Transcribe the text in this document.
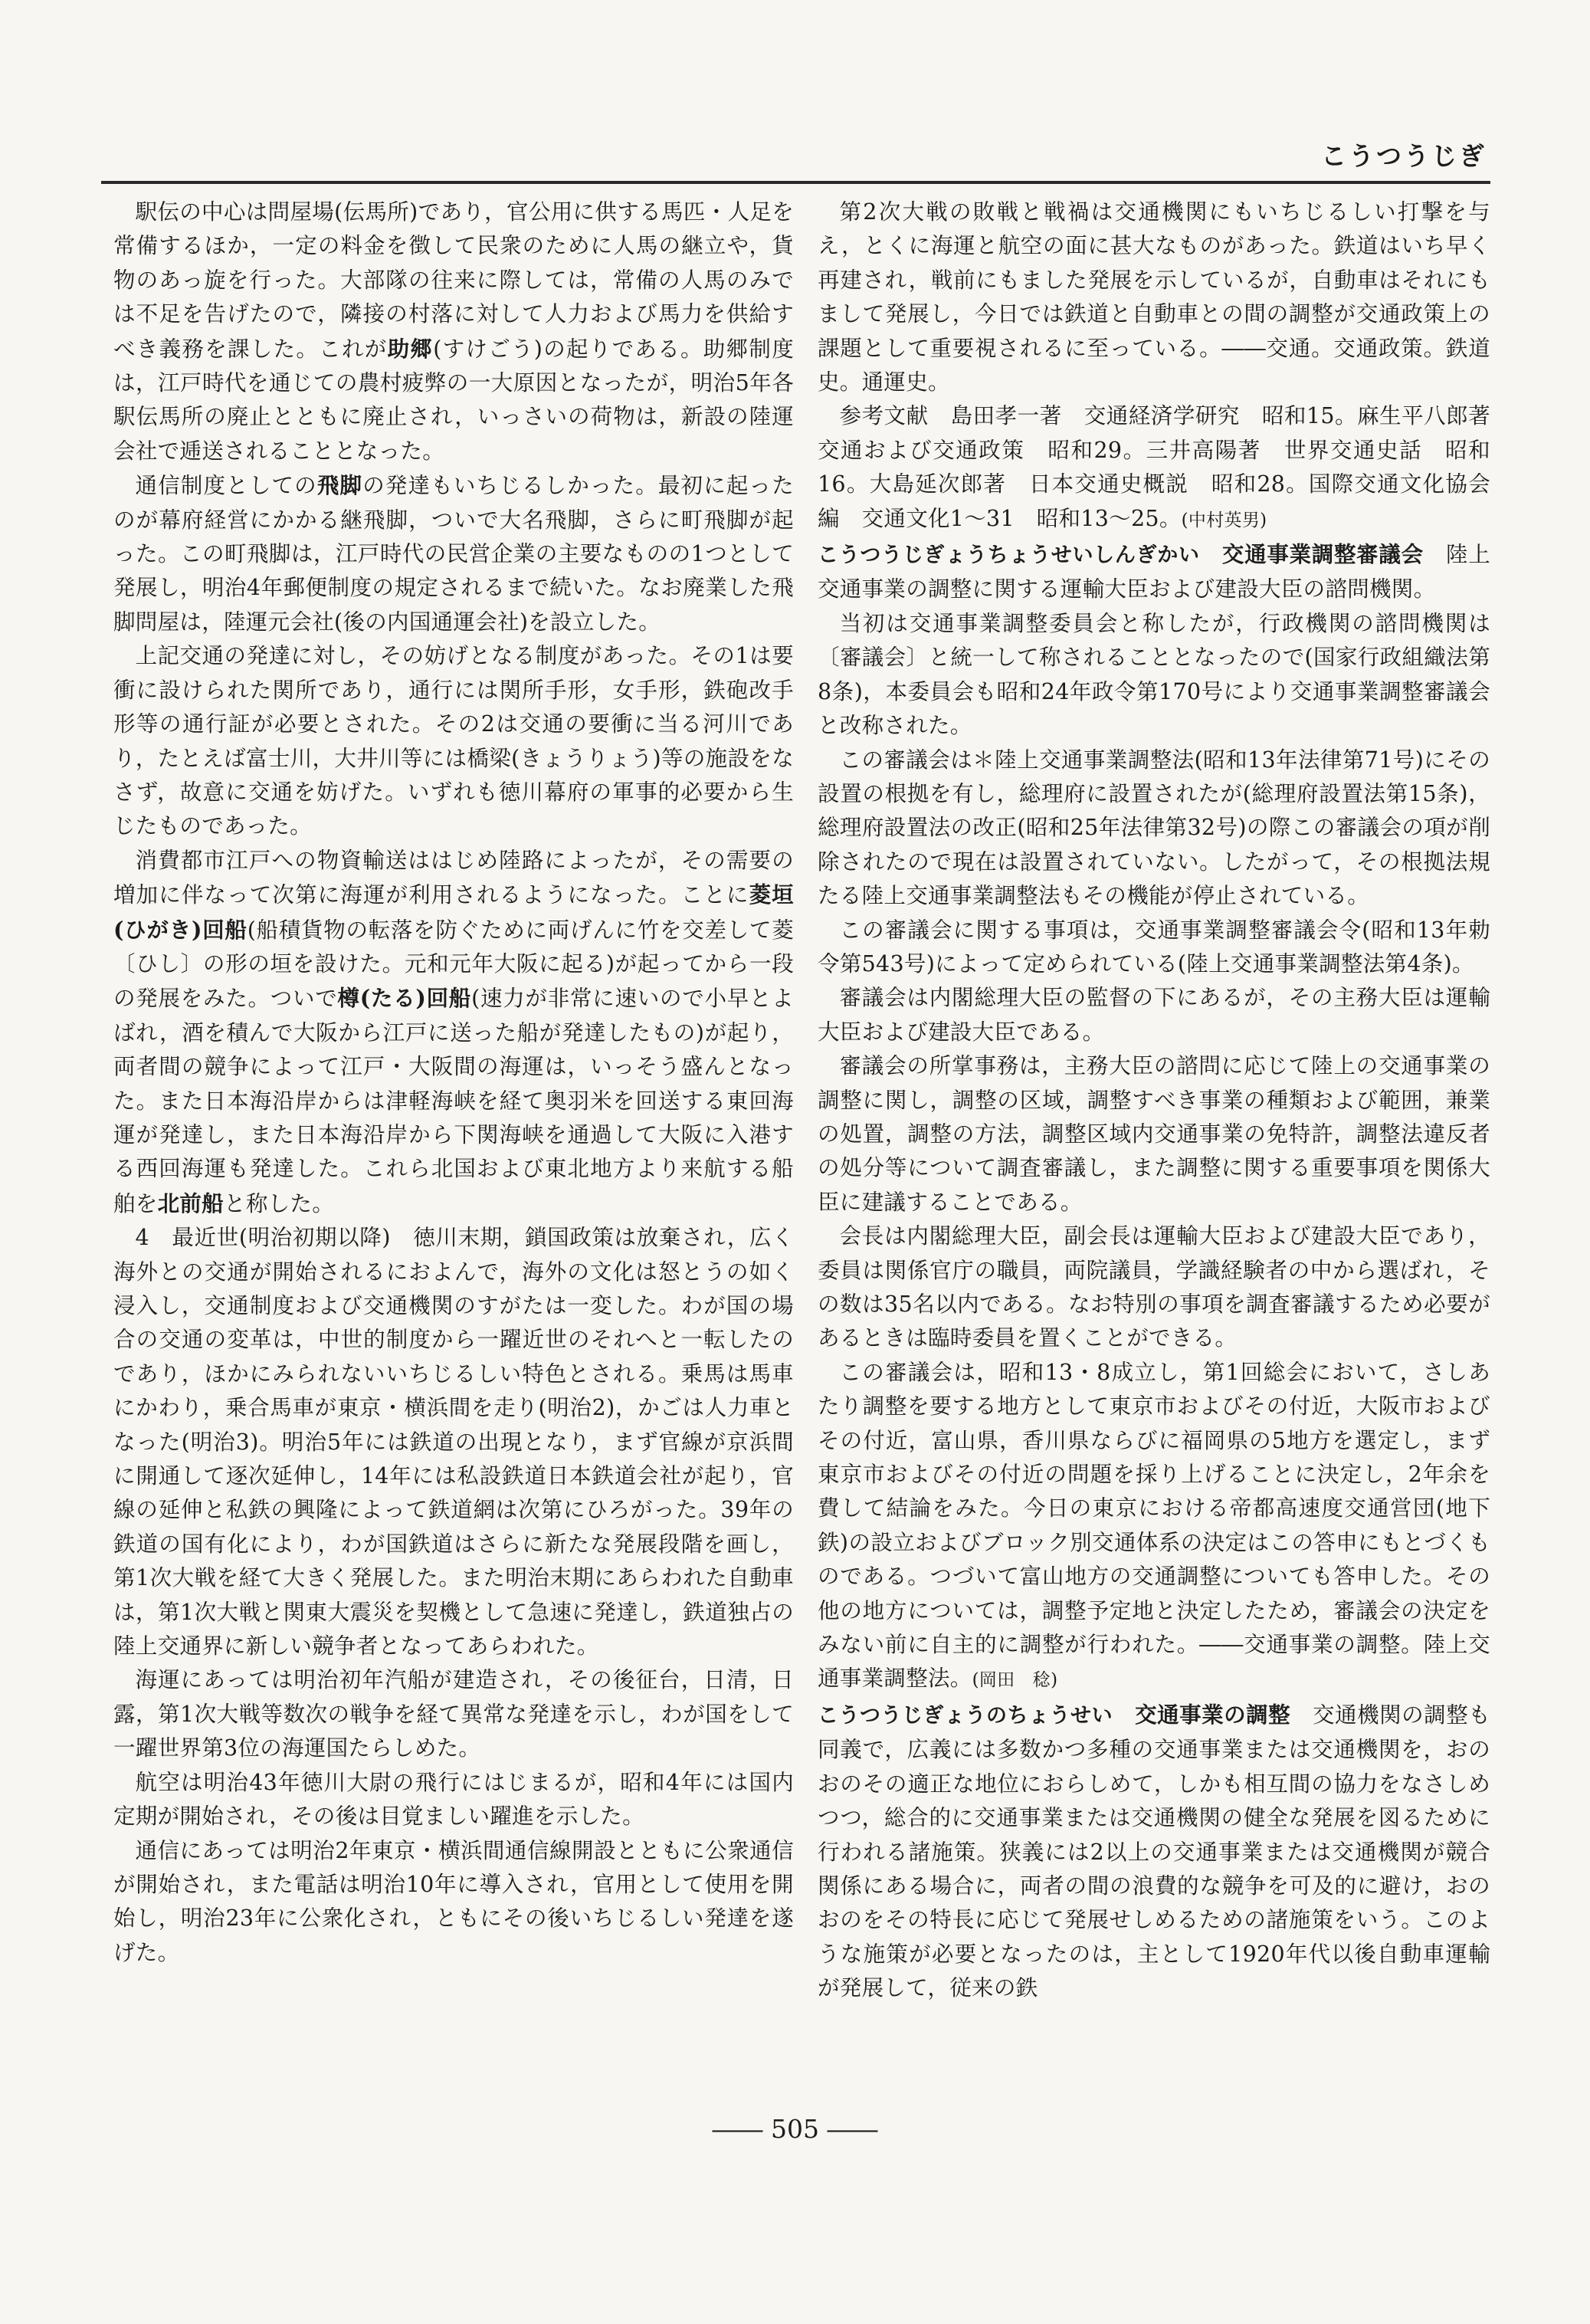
こうつうじぎ

駅伝の中心は問屋場(伝馬所)であり，官公用に供する馬匹・人足を常備するほか，一定の料金を徴して民衆のために人馬の継立や，貨物のあっ旋を行った。大部隊の往来に際しては，常備の人馬のみでは不足を告げたので，隣接の村落に対して人力および馬力を供給すべき義務を課した。これが助郷(すけごう)の起りである。助郷制度は，江戸時代を通じての農村疲弊の一大原因となったが，明治5年各駅伝馬所の廃止とともに廃止され，いっさいの荷物は，新設の陸運会社で逓送されることとなった。

通信制度としての飛脚の発達もいちじるしかった。最初に起ったのが幕府経営にかかる継飛脚，ついで大名飛脚，さらに町飛脚が起った。この町飛脚は，江戸時代の民営企業の主要なものの1つとして発展し，明治4年郵便制度の規定されるまで続いた。なお廃業した飛脚問屋は，陸運元会社(後の内国通運会社)を設立した。

上記交通の発達に対し，その妨げとなる制度があった。その1は要衝に設けられた関所であり，通行には関所手形，女手形，鉄砲改手形等の通行証が必要とされた。その2は交通の要衝に当る河川であり，たとえば富士川，大井川等には橋梁(きょうりょう)等の施設をなさず，故意に交通を妨げた。いずれも徳川幕府の軍事的必要から生じたものであった。

消費都市江戸への物資輸送ははじめ陸路によったが，その需要の増加に伴なって次第に海運が利用されるようになった。ことに菱垣(ひがき)回船(船積貨物の転落を防ぐために両げんに竹を交差して菱〔ひし〕の形の垣を設けた。元和元年大阪に起る)が起ってから一段の発展をみた。ついで樽(たる)回船(速力が非常に速いので小早とよばれ，酒を積んで大阪から江戸に送った船が発達したもの)が起り，両者間の競争によって江戸・大阪間の海運は，いっそう盛んとなった。また日本海沿岸からは津軽海峡を経て奥羽米を回送する東回海運が発達し，また日本海沿岸から下関海峡を通過して大阪に入港する西回海運も発達した。これら北国および東北地方より来航する船舶を北前船と称した。

4　最近世(明治初期以降)　徳川末期，鎖国政策は放棄され，広く海外との交通が開始されるにおよんで，海外の文化は怒とうの如く浸入し，交通制度および交通機関のすがたは一変した。わが国の場合の交通の変革は，中世的制度から一躍近世のそれへと一転したのであり，ほかにみられないいちじるしい特色とされる。乗馬は馬車にかわり，乗合馬車が東京・横浜間を走り(明治2)，かごは人力車となった(明治3)。明治5年には鉄道の出現となり，まず官線が京浜間に開通して逐次延伸し，14年には私設鉄道日本鉄道会社が起り，官線の延伸と私鉄の興隆によって鉄道網は次第にひろがった。39年の鉄道の国有化により，わが国鉄道はさらに新たな発展段階を画し，第1次大戦を経て大きく発展した。また明治末期にあらわれた自動車は，第1次大戦と関東大震災を契機として急速に発達し，鉄道独占の陸上交通界に新しい競争者となってあらわれた。

海運にあっては明治初年汽船が建造され，その後征台，日清，日露，第1次大戦等数次の戦争を経て異常な発達を示し，わが国をして一躍世界第3位の海運国たらしめた。

航空は明治43年徳川大尉の飛行にはじまるが，昭和4年には国内定期が開始され，その後は目覚ましい躍進を示した。

通信にあっては明治2年東京・横浜間通信線開設とともに公衆通信が開始され，また電話は明治10年に導入され，官用として使用を開始し，明治23年に公衆化され，ともにその後いちじるしい発達を遂げた。

第2次大戦の敗戦と戦禍は交通機関にもいちじるしい打撃を与え，とくに海運と航空の面に甚大なものがあった。鉄道はいち早く再建され，戦前にもました発展を示しているが，自動車はそれにもまして発展し，今日では鉄道と自動車との間の調整が交通政策上の課題として重要視されるに至っている。――交通。交通政策。鉄道史。通運史。

参考文献　島田孝一著　交通経済学研究　昭和15。麻生平八郎著　交通および交通政策　昭和29。三井高陽著　世界交通史話　昭和16。大島延次郎著　日本交通史概説　昭和28。国際交通文化協会編　交通文化1～31　昭和13～25。(中村英男)

こうつうじぎょうちょうせいしんぎかい　 交通事業調整審議会　 陸上交通事業の調整に関する運輸大臣および建設大臣の諮問機関。

当初は交通事業調整委員会と称したが，行政機関の諮問機関は〔審議会〕と統一して称されることとなったので(国家行政組織法第8条)，本委員会も昭和24年政令第170号により交通事業調整審議会と改称された。

この審議会は＊陸上交通事業調整法(昭和13年法律第71号)にその設置の根拠を有し，総理府に設置されたが(総理府設置法第15条)，総理府設置法の改正(昭和25年法律第32号)の際この審議会の項が削除されたので現在は設置されていない。したがって，その根拠法規たる陸上交通事業調整法もその機能が停止されている。

この審議会に関する事項は，交通事業調整審議会令(昭和13年勅令第543号)によって定められている(陸上交通事業調整法第4条)。

審議会は内閣総理大臣の監督の下にあるが，その主務大臣は運輸大臣および建設大臣である。

審議会の所掌事務は，主務大臣の諮問に応じて陸上の交通事業の調整に関し，調整の区域，調整すべき事業の種類および範囲，兼業の処置，調整の方法，調整区域内交通事業の免特許，調整法違反者の処分等について調査審議し，また調整に関する重要事項を関係大臣に建議することである。

会長は内閣総理大臣，副会長は運輸大臣および建設大臣であり，委員は関係官庁の職員，両院議員，学識経験者の中から選ばれ，その数は35名以内である。なお特別の事項を調査審議するため必要があるときは臨時委員を置くことができる。

この審議会は，昭和13・8成立し，第1回総会において，さしあたり調整を要する地方として東京市およびその付近，大阪市およびその付近，富山県，香川県ならびに福岡県の5地方を選定し，まず東京市およびその付近の問題を採り上げることに決定し，2年余を費して結論をみた。今日の東京における帝都高速度交通営団(地下鉄)の設立およびブロック別交通体系の決定はこの答申にもとづくものである。つづいて富山地方の交通調整についても答申した。その他の地方については，調整予定地と決定したため，審議会の決定をみない前に自主的に調整が行われた。――交通事業の調整。陸上交通事業調整法。(岡田　稔)

こうつうじぎょうのちょうせい　 交通事業の調整　 交通機関の調整も同義で，広義には多数かつ多種の交通事業または交通機関を，おのおのその適正な地位におらしめて，しかも相互間の協力をなさしめつつ，総合的に交通事業または交通機関の健全な発展を図るために行われる諸施策。狭義には2以上の交通事業または交通機関が競合関係にある場合に，両者の間の浪費的な競争を可及的に避け，おのおのをその特長に応じて発展せしめるための諸施策をいう。このような施策が必要となったのは，主として1920年代以後自動車運輸が発展して，従来の鉄

―― 505 ――
